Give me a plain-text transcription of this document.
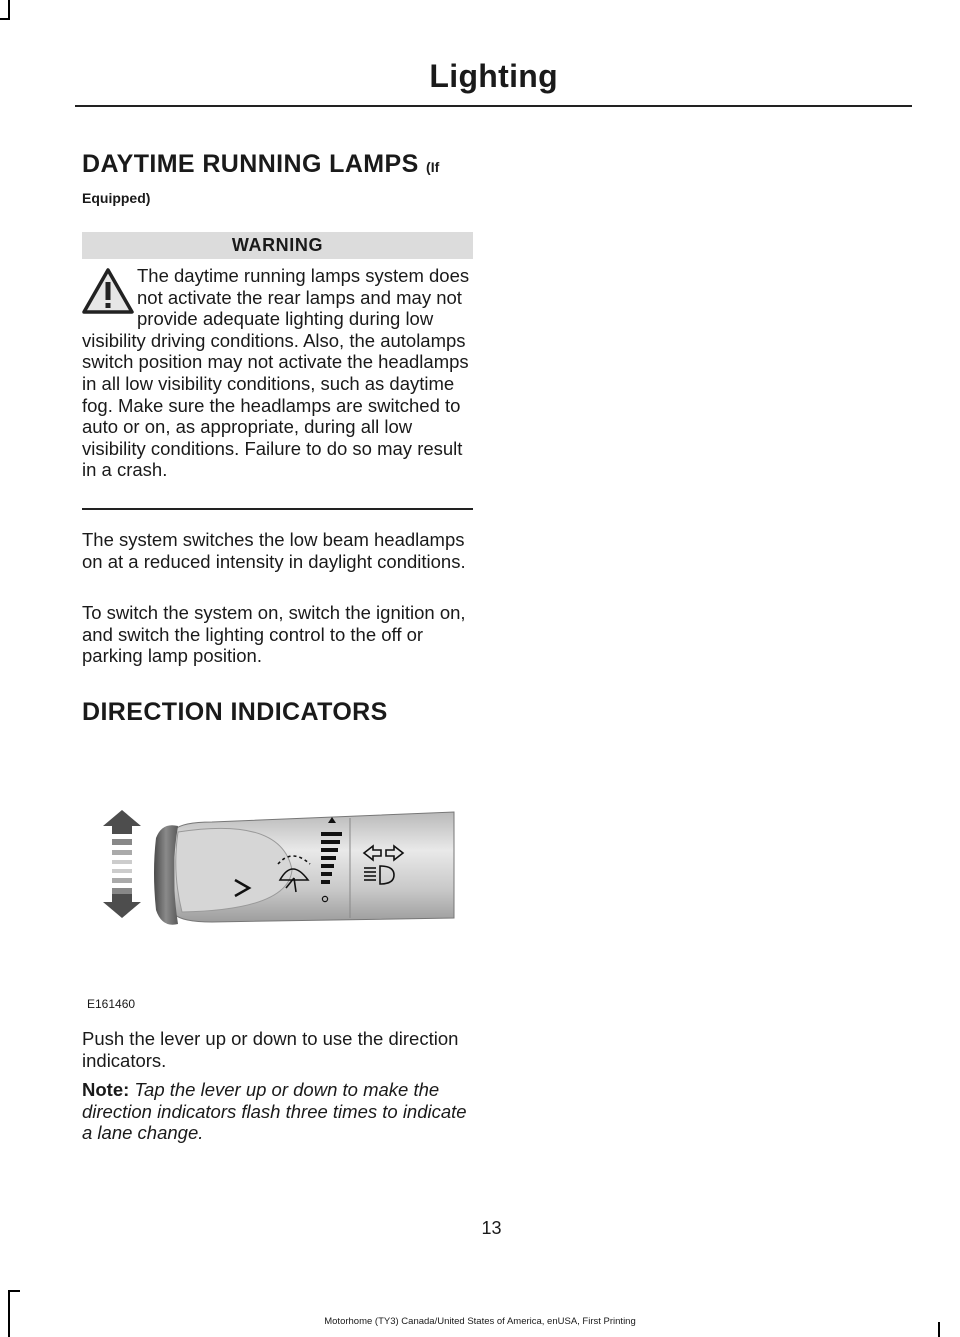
Lighting

DAYTIME RUNNING LAMPS (If

Equipped)
WARNING
The daytime running lamps system does not activate the rear lamps and may not provide adequate lighting during low visibility driving conditions. Also, the autolamps switch position may not activate the headlamps in all low visibility conditions, such as daytime fog. Make sure the headlamps are switched to auto or on, as appropriate, during all low visibility conditions. Failure to do so may result in a crash.
The system switches the low beam headlamps on at a reduced intensity in daylight conditions.
To switch the system on, switch the ignition on, and switch the lighting control to the off or parking lamp position.

DIRECTION INDICATORS

E161460
Push the lever up or down to use the direction indicators.
Note: Tap the lever up or down to make the direction indicators flash three times to indicate a lane change.
13
Motorhome (TY3) Canada/United States of America, enUSA, First Printing
